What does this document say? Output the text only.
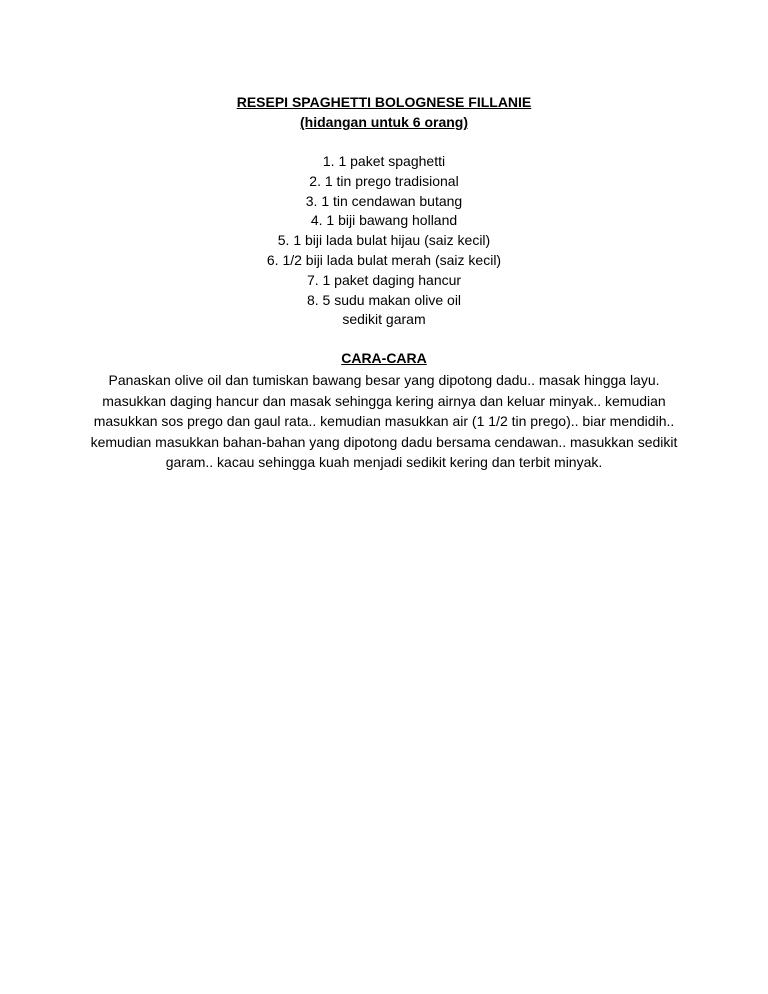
RESEPI SPAGHETTI BOLOGNESE FILLANIE
(hidangan untuk 6 orang)
1. 1 paket spaghetti
2. 1 tin prego tradisional
3. 1 tin cendawan butang
4. 1 biji bawang holland
5. 1 biji lada bulat hijau (saiz kecil)
6. 1/2 biji lada bulat merah (saiz kecil)
7. 1 paket daging hancur
8. 5 sudu makan olive oil
sedikit garam
CARA-CARA

Panaskan olive oil dan tumiskan bawang besar yang dipotong dadu.. masak hingga layu. masukkan daging hancur dan masak sehingga kering airnya dan keluar minyak.. kemudian masukkan sos prego dan gaul rata.. kemudian masukkan air (1 1/2 tin prego).. biar mendidih.. kemudian masukkan bahan-bahan yang dipotong dadu bersama cendawan.. masukkan sedikit garam.. kacau sehingga kuah menjadi sedikit kering dan terbit minyak.
